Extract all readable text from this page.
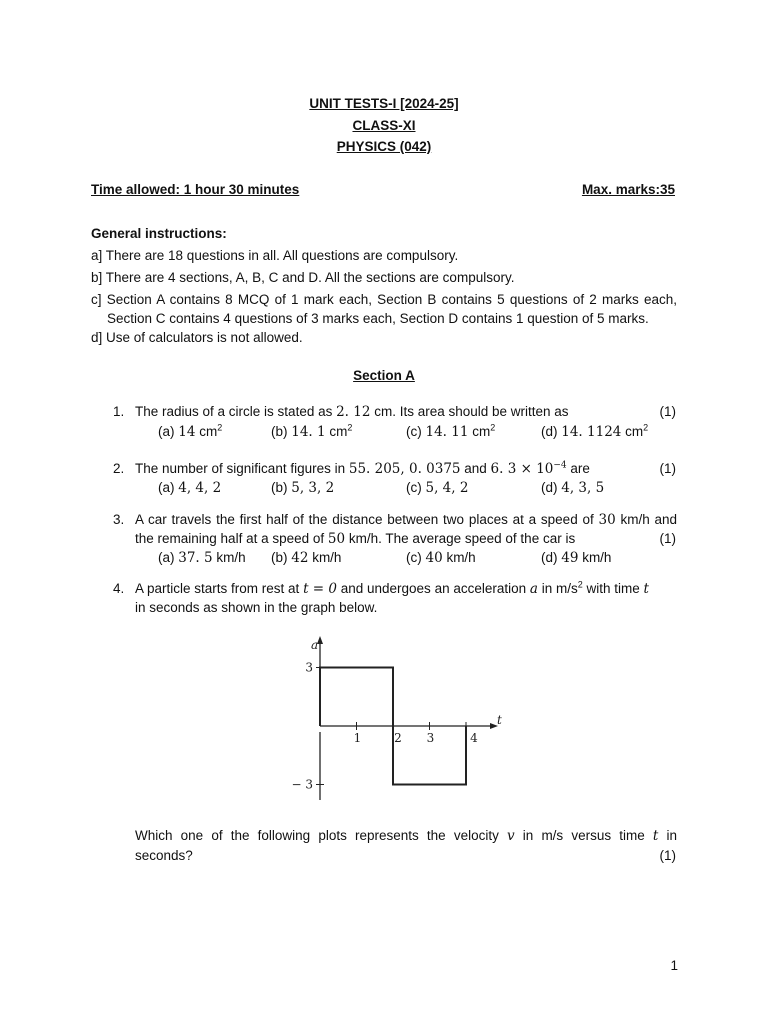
UNIT TESTS-I [2024-25]
CLASS-XI
PHYSICS (042)
Time allowed: 1 hour 30 minutes	Max. marks:35
General instructions:
a] There are 18 questions in all. All questions are compulsory.
b] There are 4 sections, A, B, C and D. All the sections are compulsory.
c] Section A contains 8 MCQ of 1 mark each, Section B contains 5 questions of 2 marks each,
Section C contains 4 questions of 3 marks each, Section D contains 1 question of 5 marks.
d] Use of calculators is not allowed.
Section A
1. The radius of a circle is stated as 2. 12 cm. Its area should be written as	(1)
(a) 14 $cm^2$	(b) 14. 1 $cm^2$	(c) 14. 11 $cm^2$	(d) 14. 1124 $cm^2$
2. The number of significant figures in 55. 205, 0. 0375 and 6. $3 \times 10^{-4}$ are	(1)
(a) 4, 4, 2	(b) 5, 3, 2	(c) 5, 4, 2	(d) 4, 3, 5
3. A car travels the first half of the distance between two places at a speed of 30 km/h and
the remaining half at a speed of 50 km/h. The average speed of the car is	(1)
(a) 37. 5 km/h (b) 42 km/h	(c) 40 km/h	(d) 49 km/h
4. A particle starts from rest at t = 0 and undergoes an acceleration a in $m/s^2$ with time t
in seconds as shown in the graph below.
a
t
3
− 3
1	2 3	4
Which one of the following plots represents the velocity v in m/s versus time t in
seconds?	(1)
1
